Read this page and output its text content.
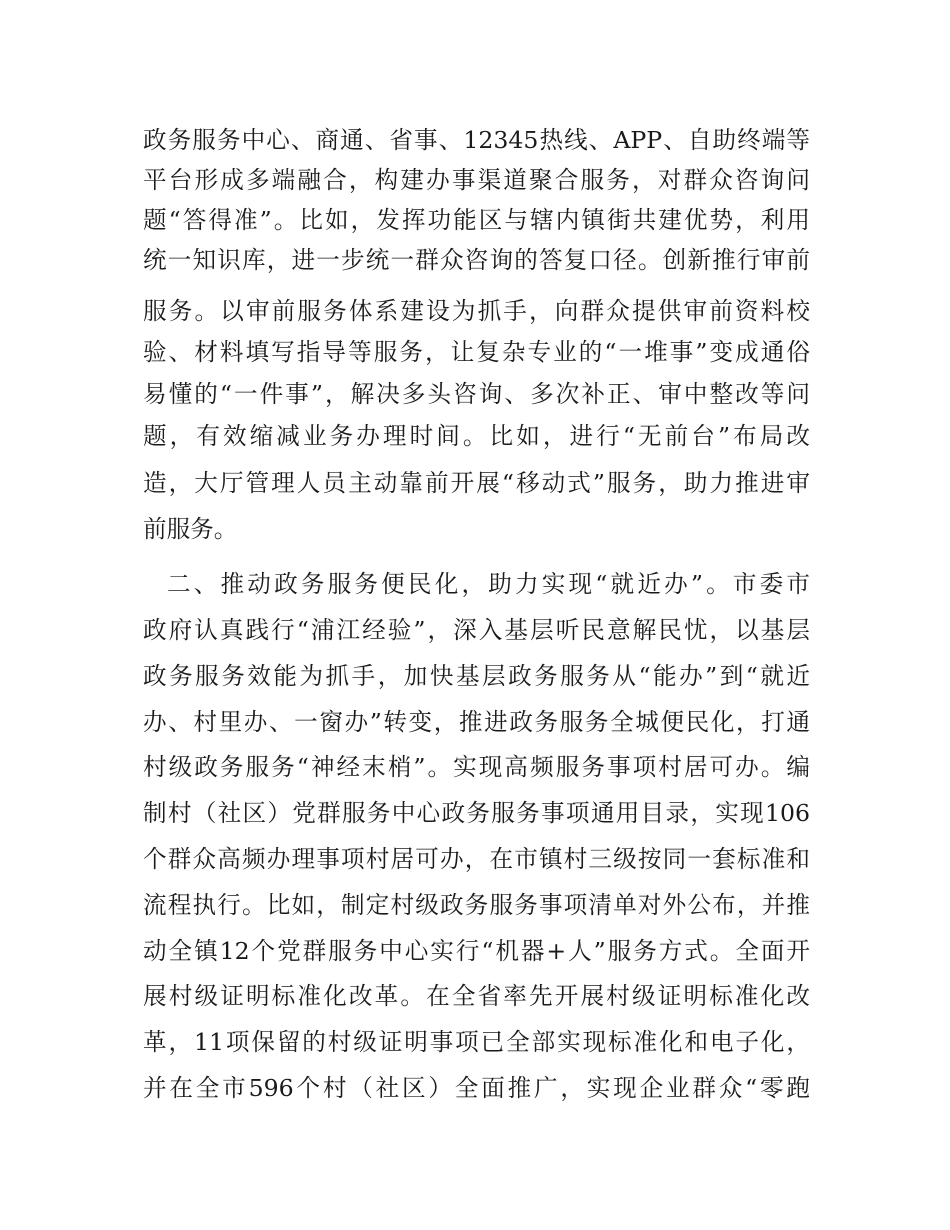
政务服务中心、商通、省事、12345热线、APP、自助终端等
平台形成多端融合，构建办事渠道聚合服务，对群众咨询问
题“答得准”。比如，发挥功能区与辖内镇街共建优势，利用
统一知识库，进一步统一群众咨询的答复口径。创新推行审前
服务。以审前服务体系建设为抓手，向群众提供审前资料校
验、材料填写指导等服务，让复杂专业的“一堆事”变成通俗
易懂的“一件事”，解决多头咨询、多次补正、审中整改等问
题，有效缩减业务办理时间。比如，进行“无前台”布局改
造，大厅管理人员主动靠前开展“移动式”服务，助力推进审
前服务。
二、推动政务服务便民化，助力实现“就近办”。市委市
政府认真践行“浦江经验”，深入基层听民意解民忧，以基层
政务服务效能为抓手，加快基层政务服务从“能办”到“就近
办、村里办、一窗办”转变，推进政务服务全城便民化，打通
村级政务服务“神经末梢”。实现高频服务事项村居可办。编
制村（社区）党群服务中心政务服务事项通用目录，实现106
个群众高频办理事项村居可办，在市镇村三级按同一套标准和
流程执行。比如，制定村级政务服务事项清单对外公布，并推
动全镇12个党群服务中心实行“机器+人”服务方式。全面开
展村级证明标准化改革。在全省率先开展村级证明标准化改
革，11项保留的村级证明事项已全部实现标准化和电子化，
并在全市596个村（社区）全面推广，实现企业群众“零跑
